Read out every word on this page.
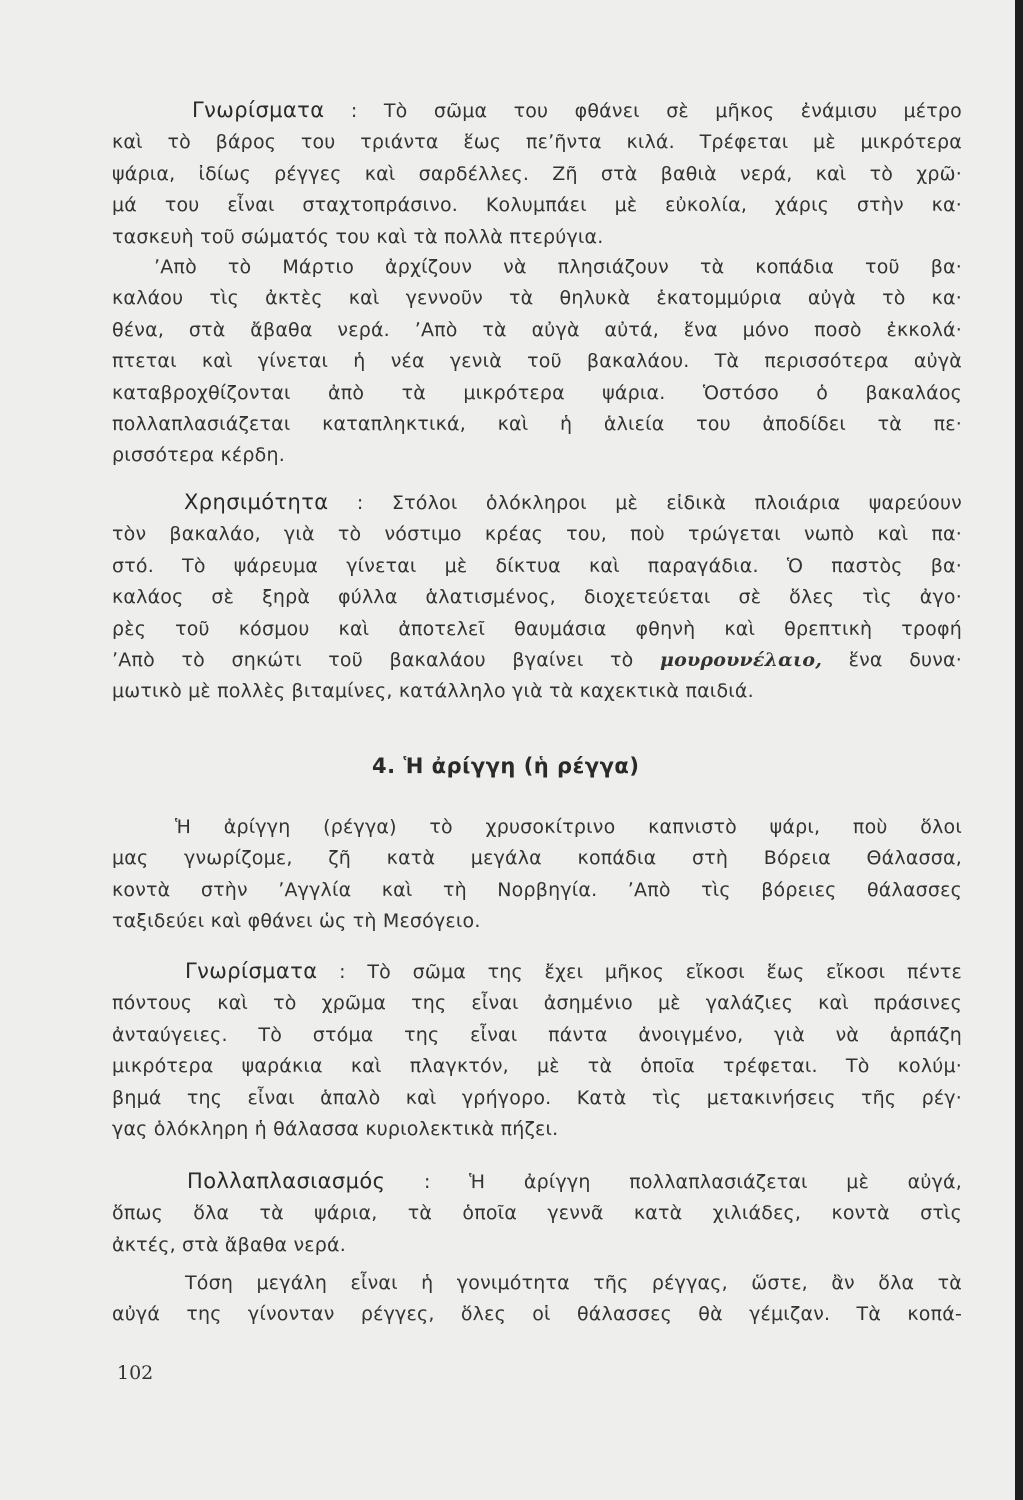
Γνωρίσματα : Τὸ σῶμα του φθάνει σὲ μῆκος ἐνάμισυ μέτρο
καὶ τὸ βάρος του τριάντα ἕως πεʼῆντα κιλά. Τρέφεται μὲ μικρότερα
ψάρια, ἰδίως ρέγγες καὶ σαρδέλλες. Ζῆ στὰ βαθιὰ νερά, καὶ τὸ χρῶ·
μά του εἶναι σταχτοπράσινο. Κολυμπάει μὲ εὐκολία, χάρις στὴν κα·
τασκευὴ τοῦ σώματός του καὶ τὰ πολλὰ πτερύγια.
ʼΑπὸ τὸ Μάρτιο ἀρχίζουν νὰ πλησιάζουν τὰ κοπάδια τοῦ βα·
καλάου τὶς ἀκτὲς καὶ γεννοῦν τὰ θηλυκὰ ἑκατομμύρια αὐγὰ τὸ κα·
θένα, στὰ ἄβαθα νερά. ʼΑπὸ τὰ αὐγὰ αὐτά, ἕνα μόνο ποσὸ ἐκκολά·
πτεται καὶ γίνεται ἡ νέα γενιὰ τοῦ βακαλάου. Τὰ περισσότερα αὐγὰ
καταβροχθίζονται ἀπὸ τὰ μικρότερα ψάρια. Ὁστόσο ὁ βακαλάος
πολλαπλασιάζεται καταπληκτικά, καὶ ἡ ἁλιεία του ἀποδίδει τὰ πε·
ρισσότερα κέρδη.
Χρησιμότητα : Στόλοι ὁλόκληροι μὲ εἰδικὰ πλοιάρια ψαρεύουν
τὸν βακαλάο, γιὰ τὸ νόστιμο κρέας του, ποὺ τρώγεται νωπὸ καὶ πα·
στό. Τὸ ψάρευμα γίνεται μὲ δίκτυα καὶ παραγάδια. Ὁ παστὸς βα·
καλάος σὲ ξηρὰ φύλλα ἁλατισμένος, διοχετεύεται σὲ ὅλες τὶς ἀγο·
ρὲς τοῦ κόσμου καὶ ἀποτελεῖ θαυμάσια φθηνὴ καὶ θρεπτικὴ τροφή
ʼΑπὸ τὸ σηκώτι τοῦ βακαλάου βγαίνει τὸ μουρουνέλαιο, ἕνα δυνα·
μωτικὸ μὲ πολλὲς βιταμίνες, κατάλληλο γιὰ τὰ καχεκτικὰ παιδιά.
4. Ἡ ἀρίγγη (ἡ ρέγγα)
Ἡ ἀρίγγη (ρέγγα) τὸ χρυσοκίτρινο καπνιστὸ ψάρι, ποὺ ὅλοι
μας γνωρίζομε, ζῆ κατὰ μεγάλα κοπάδια στὴ Βόρεια Θάλασσα,
κοντὰ στὴν ʼΑγγλία καὶ τὴ Νορβηγία. ʼΑπὸ τὶς βόρειες θάλασσες
ταξιδεύει καὶ φθάνει ὡς τὴ Μεσόγειο.
Γνωρίσματα : Τὸ σῶμα της ἔχει μῆκος εἴκοσι ἕως εἴκοσι πέντε
πόντους καὶ τὸ χρῶμα της εἶναι ἀσημένιο μὲ γαλάζιες καὶ πράσινες
ἀνταύγειες. Τὸ στόμα της εἶναι πάντα ἀνοιγμένο, γιὰ νὰ ἁρπάζη
μικρότερα ψαράκια καὶ πλαγκτόν, μὲ τὰ ὁποῖα τρέφεται. Τὸ κολύμ·
βημά της εἶναι ἁπαλὸ καὶ γρήγορο. Κατὰ τὶς μετακινήσεις τῆς ρέγ·
γας ὁλόκληρη ἡ θάλασσα κυριολεκτικὰ πήζει.
Πολλαπλασιασμός : Ἡ ἀρίγγη πολλαπλασιάζεται μὲ αὐγά,
ὅπως ὅλα τὰ ψάρια, τὰ ὁποῖα γεννᾶ κατὰ χιλιάδες, κοντὰ στὶς
ἀκτές, στὰ ἄβαθα νερά.
Τόση μεγάλη εἶναι ἡ γονιμότητα τῆς ρέγγας, ὥστε, ἂν ὅλα τὰ
αὐγά της γίνονταν ρέγγες, ὅλες οἱ θάλασσες θὰ γέμιζαν. Τὰ κοπά-
102
